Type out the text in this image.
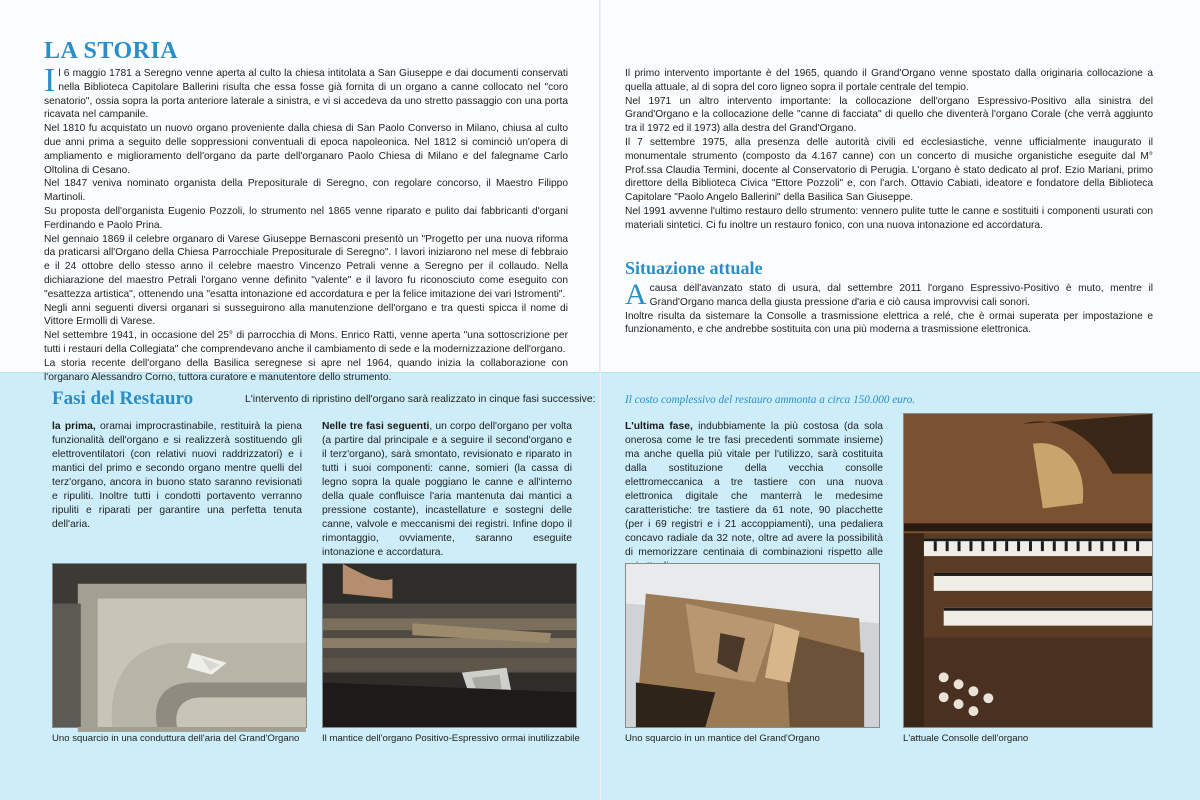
LA STORIA
I l 6 maggio 1781 a Seregno venne aperta al culto la chiesa intitolata a San Giuseppe e dai documenti conservati nella Biblioteca Capitolare Ballerini risulta che essa fosse già fornita di un organo a canne collocato nel "coro senatorio", ossia sopra la porta anteriore laterale a sinistra, e vi si accedeva da uno stretto passaggio con una porta ricavata nel campanile.

Nel 1810 fu acquistato un nuovo organo proveniente dalla chiesa di San Paolo Converso in Milano, chiusa al culto due anni prima a seguito delle soppressioni conventuali di epoca napoleonica. Nel 1812 si cominciò un'opera di ampliamento e miglioramento dell'organo da parte dell'organaro Paolo Chiesa di Milano e del falegname Carlo Oltolina di Cesano.

Nel 1847 veniva nominato organista della Prepositurale di Seregno, con regolare concorso, il Maestro Filippo Martinoli.

Su proposta dell'organista Eugenio Pozzoli, lo strumento nel 1865 venne riparato e pulito dai fabbricanti d'organi Ferdinando e Paolo Prina.

Nel gennaio 1869 il celebre organaro di Varese Giuseppe Bernasconi presentò un "Progetto per una nuova riforma da praticarsi all'Organo della Chiesa Parrocchiale Prepositurale di Seregno". I lavori iniziarono nel mese di febbraio e il 24 ottobre dello stesso anno il celebre maestro Vincenzo Petrali venne a Seregno per il collaudo. Nella dichiarazione del maestro Petrali l'organo venne definito "valente" e il lavoro fu riconosciuto come eseguito con "esattezza artistica", ottenendo una "esatta intonazione ed accordatura e per la felice imitazione dei vari Istromenti".

Negli anni seguenti diversi organari si susseguirono alla manutenzione dell'organo e tra questi spicca il nome di Vittore Ermolli di Varese.

Nel settembre 1941, in occasione del 25° di parrocchia di Mons. Enrico Ratti, venne aperta "una sottoscrizione per tutti i restauri della Collegiata" che comprendevano anche il cambiamento di sede e la modernizzazione dell'organo.

La storia recente dell'organo della Basilica seregnese si apre nel 1964, quando inizia la collaborazione con l'organaro Alessandro Corno, tuttora curatore e manutentore dello strumento.

Fasi del Restauro	L'intervento di ripristino dell'organo sarà realizzato in cinque fasi successive:
la prima, oramai improcrastinabile, restituirà la piena funzionalità dell'organo e si realizzerà sostituendo gli elettroventilatori (con relativi nuovi raddrizzatori) e i mantici del primo e secondo organo mentre quelli del terz'organo, ancora in buono stato saranno revisionati e ripuliti. Inoltre tutti i condotti portavento verranno ripuliti e riparati per garantire una perfetta tenuta dell'aria.
Nelle tre fasi seguenti, un corpo dell'organo per volta (a partire dal principale e a seguire il second'organo e il terz'organo), sarà smontato, revisionato e riparato in tutti i suoi componenti: canne, somieri (la cassa di legno sopra la quale poggiano le canne e all'interno della quale confluisce l'aria mantenuta dai mantici a pressione costante), incastellature e sostegni delle canne, valvole e meccanismi dei registri. Infine dopo il rimontaggio, ovviamente, saranno eseguite intonazione e accordatura.
Uno squarcio in una conduttura dell'aria del Grand'Organo	Il mantice dell'organo Positivo-Espressivo ormai inutilizzabile

Il primo intervento importante è del 1965, quando il Grand'Organo venne spostato dalla originaria collocazione a quella attuale, al di sopra del coro ligneo sopra il portale centrale del tempio.

Nel 1971 un altro intervento importante: la collocazione dell'organo Espressivo-Positivo alla sinistra del Grand'Organo e la collocazione delle "canne di facciata" di quello che diventerà l'organo Corale (che verrà aggiunto tra il 1972 ed il 1973) alla destra del Grand'Organo.

Il 7 settembre 1975, alla presenza delle autorità civili ed ecclesiastiche, venne ufficialmente inaugurato il monumentale strumento (composto da 4.167 canne) con un concerto di musiche organistiche eseguite dal M° Prof.ssa Claudia Termini, docente al Conservatorio di Perugia. L'organo è stato dedicato al prof. Ezio Mariani, primo direttore della Biblioteca Civica "Ettore Pozzoli" e, con l'arch. Ottavio Cabiati, ideatore e fondatore della Biblioteca Capitolare "Paolo Angelo Ballerini" della Basilica San Giuseppe.

Nel 1991 avvenne l'ultimo restauro dello strumento: vennero pulite tutte le canne e sostituiti i componenti usurati con materiali sintetici. Ci fu inoltre un restauro fonico, con una nuova intonazione ed accordatura.

Situazione attuale
A causa dell'avanzato stato di usura, dal settembre 2011 l'organo Espressivo-Positivo è muto, mentre il Grand'Organo manca della giusta pressione d'aria e ciò causa improvvisi cali sonori.

Inoltre risulta da sistemare la Consolle a trasmissione elettrica a relé, che è ormai superata per impostazione e funzionamento, e che andrebbe sostituita con una più moderna a trasmissione elettronica.

Il costo complessivo del restauro ammonta a circa 150.000 euro.
L'ultima fase, indubbiamente la più costosa (da sola onerosa come le tre fasi precedenti sommate insieme) ma anche quella più vitale per l'utilizzo, sarà costituita dalla sostituzione della vecchia consolle elettromeccanica a tre tastiere con una nuova elettronica digitale che manterrà le medesime caratteristiche: tre tastiere da 61 note, 90 placchette (per i 69 registri e i 21 accoppiamenti), una pedaliera concavo radiale da 32 note, oltre ad avere la possibilità di memorizzare centinaia di combinazioni rispetto alle
Uno squarcio in un mantice del Grand'Organo	L'attuale Consolle dell'organo
